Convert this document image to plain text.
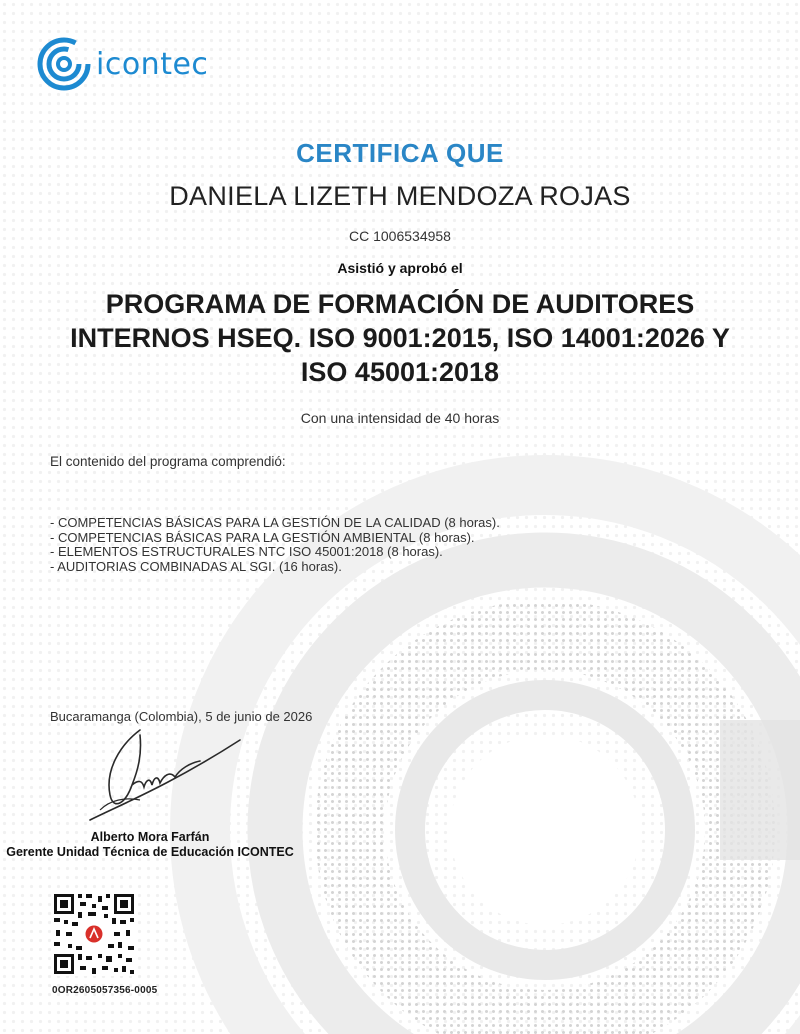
icontec
CERTIFICA QUE
DANIELA LIZETH MENDOZA ROJAS
CC 1006534958
Asistió y aprobó el
PROGRAMA DE FORMACIÓN DE AUDITORES
INTERNOS HSEQ. ISO 9001:2015, ISO 14001:2026 Y
ISO 45001:2018
Con una intensidad de 40 horas
El contenido del programa comprendió:
- COMPETENCIAS BÁSICAS PARA LA GESTIÓN DE LA CALIDAD (8 horas).
- COMPETENCIAS BÁSICAS PARA LA GESTIÓN AMBIENTAL (8 horas).
- ELEMENTOS ESTRUCTURALES NTC ISO 45001:2018 (8 horas).
- AUDITORIAS COMBINADAS AL SGI. (16 horas).
Bucaramanga (Colombia), 5 de junio de 2026
Alberto Mora Farfán
Gerente Unidad Técnica de Educación ICONTEC
0OR2605057356-0005
